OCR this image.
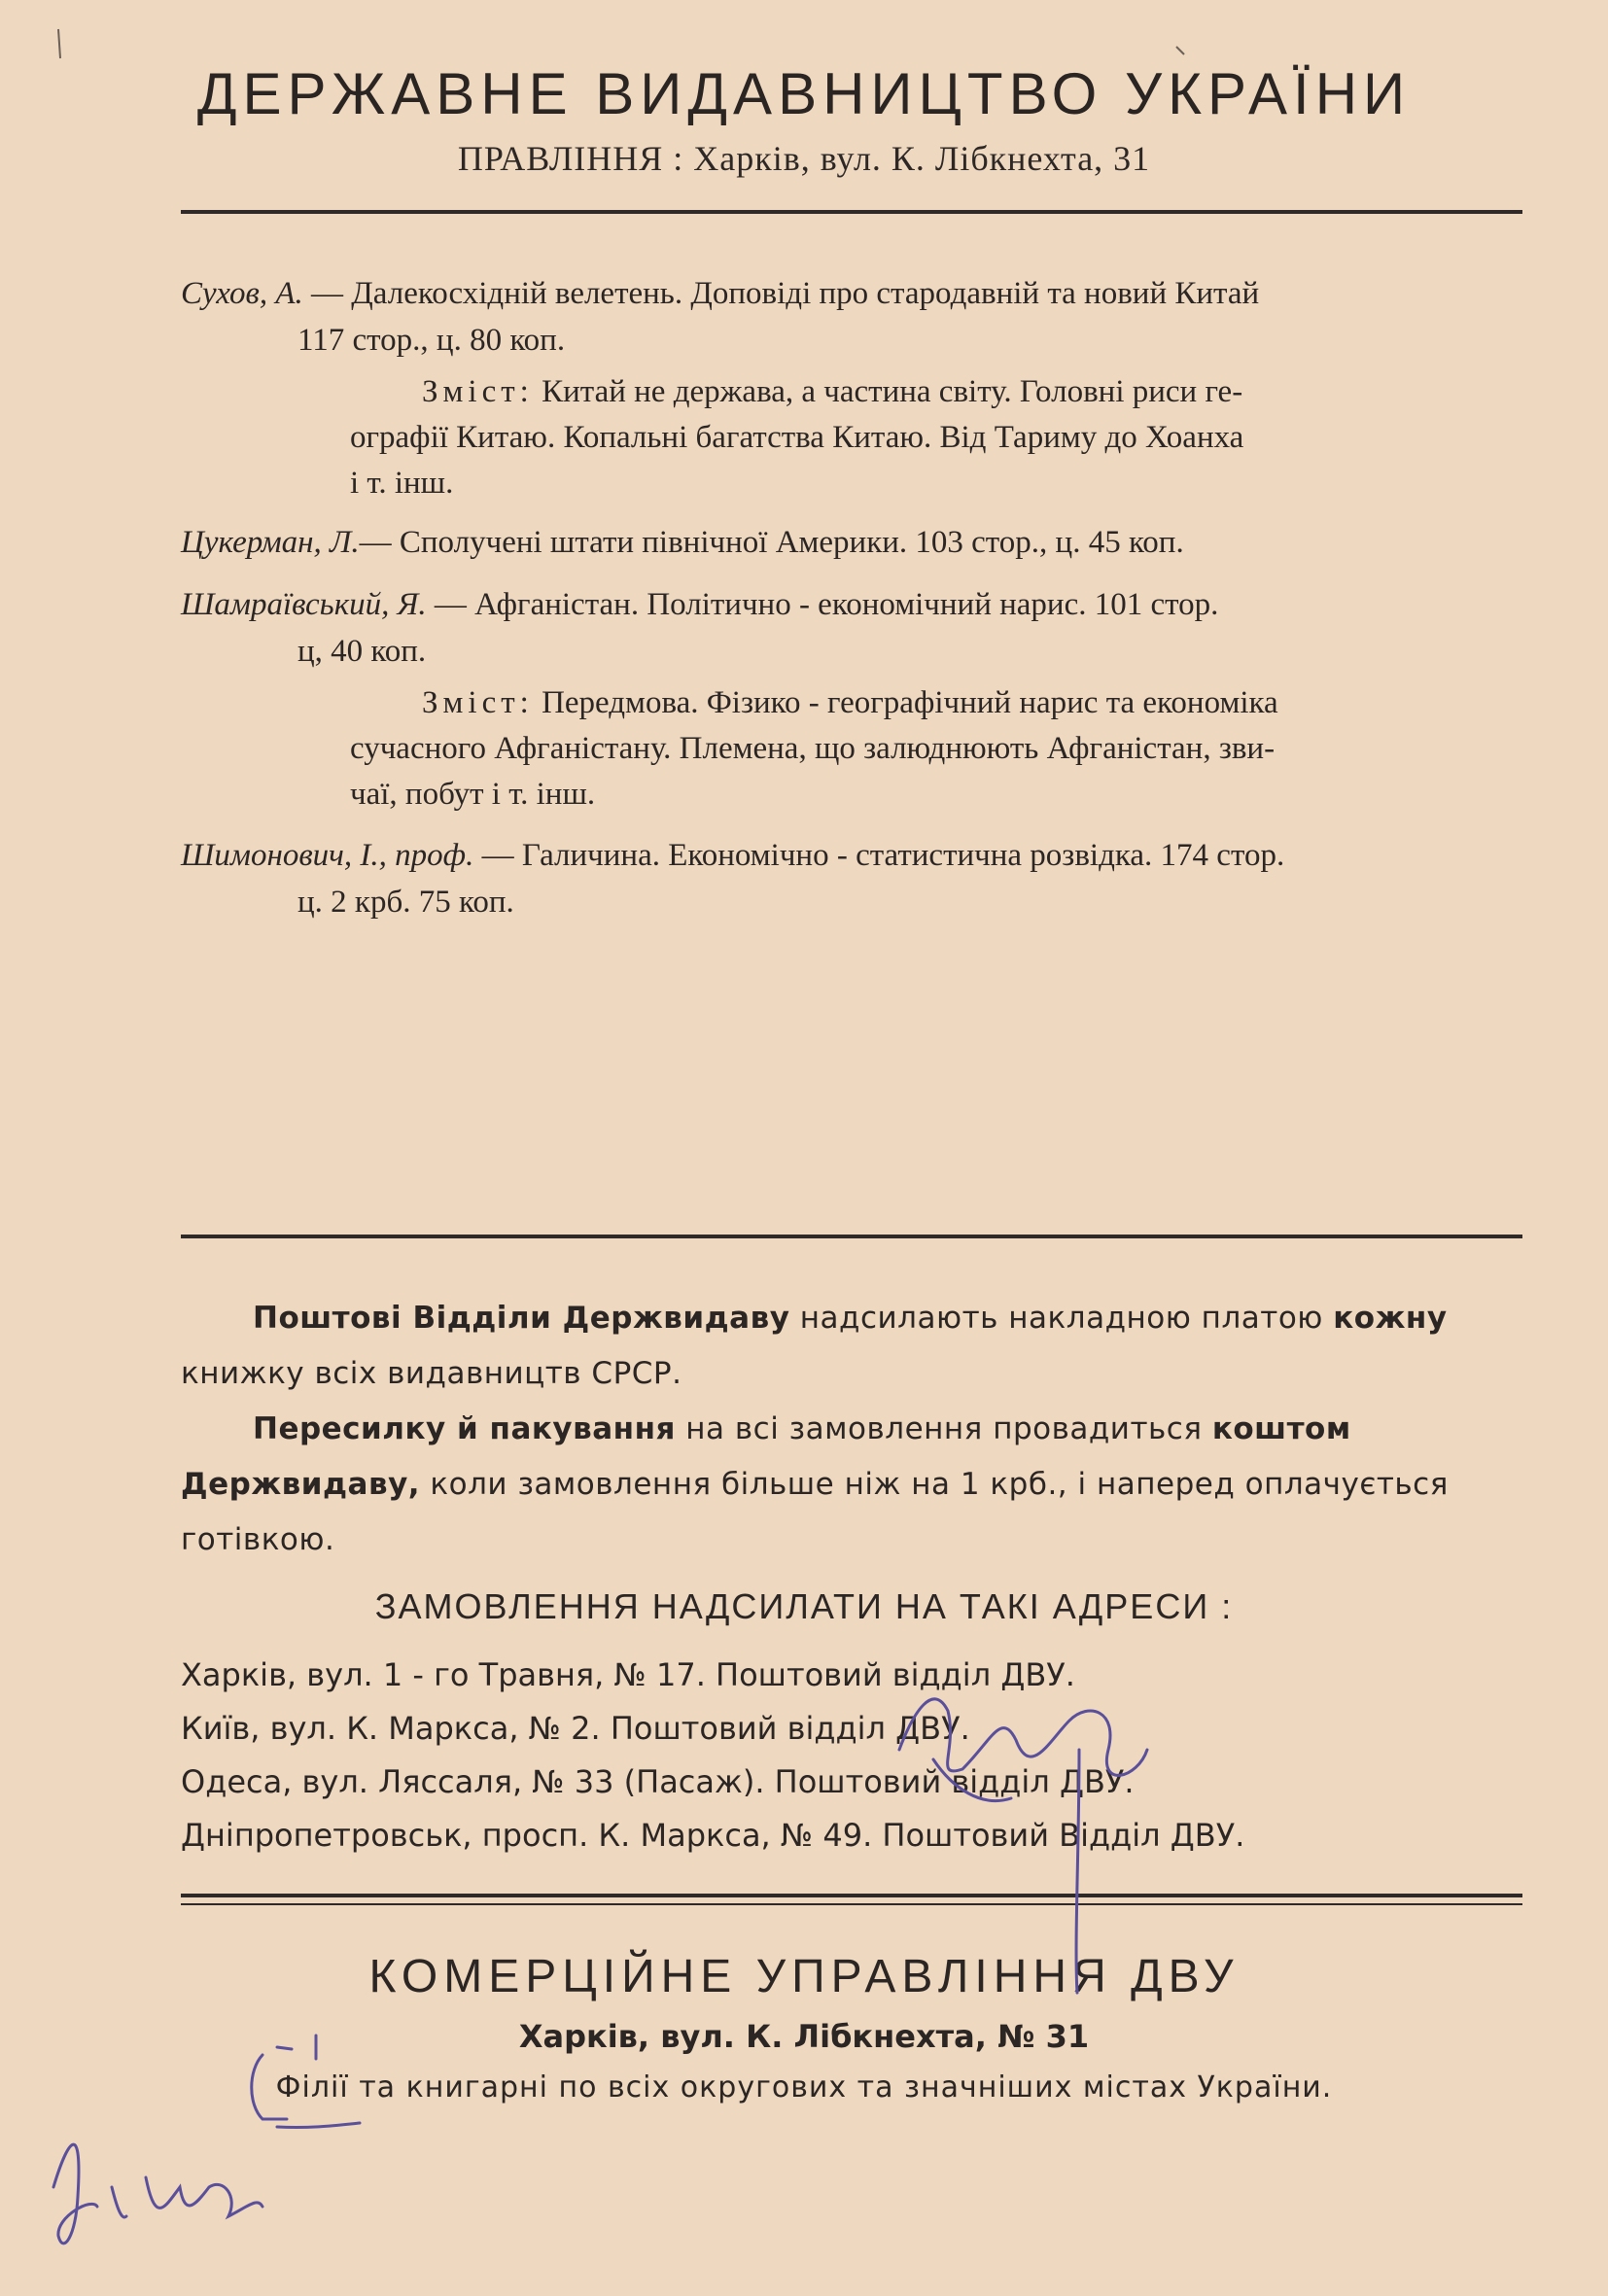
ДЕРЖАВНЕ ВИДАВНИЦТВО УКРАЇНИ
ПРАВЛІННЯ : Харків, вул. К. Лібкнехта, 31
Сухов, А. — Далекосхідній велетень. Доповіді про стародавній та новий Китай
117 стор., ц. 80 коп.
Зміст: Китай не держава, а частина світу. Головні риси ге-
ографії Китаю. Копальні багатства Китаю. Від Тариму до Хоанха
і т. інш.
Цукерман, Л.— Сполучені штати північної Америки. 103 стор., ц. 45 коп.
Шамраївський, Я. — Афганістан. Політично - економічний нарис. 101 стор.
ц, 40 коп.
Зміст: Передмова. Фізико - географічний нарис та економіка
сучасного Афганістану. Племена, що залюднюють Афганістан, зви-
чаї, побут і т. інш.
Шимонович, І., проф. — Галичина. Економічно - статистична розвідка. 174 стор.
ц. 2 крб. 75 коп.
Поштові Відділи Держвидаву надсилають накладною платою кожну
книжку всіх видавництв СРСР.
Пересилку й пакування на всі замовлення провадиться коштом
Держвидаву, коли замовлення більше ніж на 1 крб., і наперед оплачується
готівкою.
ЗАМОВЛЕННЯ НАДСИЛАТИ НА ТАКІ АДРЕСИ :
Харків, вул. 1 - го Травня, № 17. Поштовий відділ ДВУ.
Київ, вул. К. Маркса, № 2. Поштовий відділ ДВУ.
Одеса, вул. Ляссаля, № 33 (Пасаж). Поштовий відділ ДВУ.
Дніпропетровськ, просп. К. Маркса, № 49. Поштовий Відділ ДВУ.
КОМЕРЦІЙНЕ УПРАВЛІННЯ ДВУ
Харків, вул. К. Лібкнехта, № 31
Філії та книгарні по всіх округових та значніших містах України.
